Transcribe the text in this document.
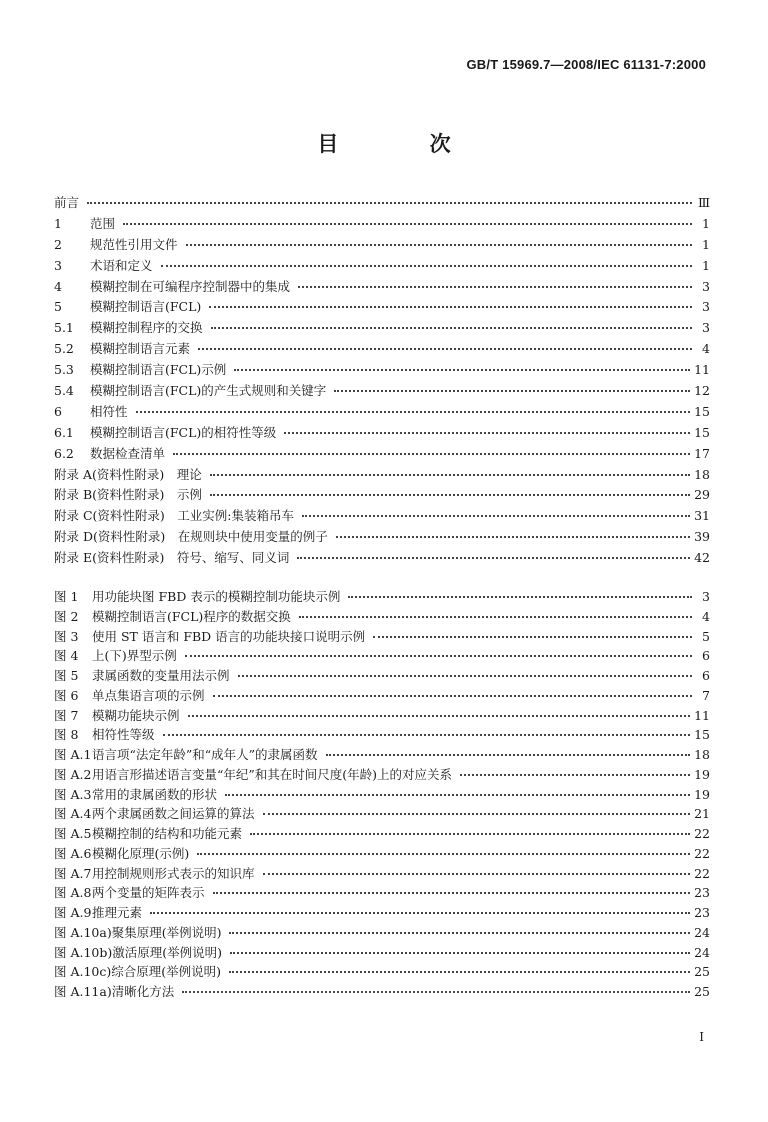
GB/T 15969.7—2008/IEC 61131-7:2000
目 次
前言	Ⅲ
1	范围	1
2	规范性引用文件	1
3	术语和定义	1
4	模糊控制在可编程序控制器中的集成	3
5	模糊控制语言(FCL)	3
5.1	模糊控制程序的交换	3
5.2	模糊控制语言元素	4
5.3	模糊控制语言(FCL)示例	11
5.4	模糊控制语言(FCL)的产生式规则和关键字	12
6	相符性	15
6.1	模糊控制语言(FCL)的相符性等级	15
6.2	数据检查清单	17
附录 A(资料性附录)　理论	18
附录 B(资料性附录)　示例	29
附录 C(资料性附录)　工业实例:集装箱吊车	31
附录 D(资料性附录)　在规则块中使用变量的例子	39
附录 E(资料性附录)　符号、缩写、同义词	42
图 1	用功能块图 FBD 表示的模糊控制功能块示例	3
图 2	模糊控制语言(FCL)程序的数据交换	4
图 3	使用 ST 语言和 FBD 语言的功能块接口说明示例	5
图 4	上(下)界型示例	6
图 5	隶属函数的变量用法示例	6
图 6	单点集语言项的示例	7
图 7	模糊功能块示例	11
图 8	相符性等级	15
图 A.1 语言项“法定年龄”和“成年人”的隶属函数	18
图 A.2 用语言形描述语言变量“年纪”和其在时间尺度(年龄)上的对应关系	19
图 A.3 常用的隶属函数的形状	19
图 A.4 两个隶属函数之间运算的算法	21
图 A.5 模糊控制的结构和功能元素	22
图 A.6 模糊化原理(示例)	22
图 A.7 用控制规则形式表示的知识库	22
图 A.8 两个变量的矩阵表示	23
图 A.9 推理元素	23
图 A.10a) 聚集原理(举例说明)	24
图 A.10b) 激活原理(举例说明)	24
图 A.10c) 综合原理(举例说明)	25
图 A.11a) 清晰化方法	25
I
